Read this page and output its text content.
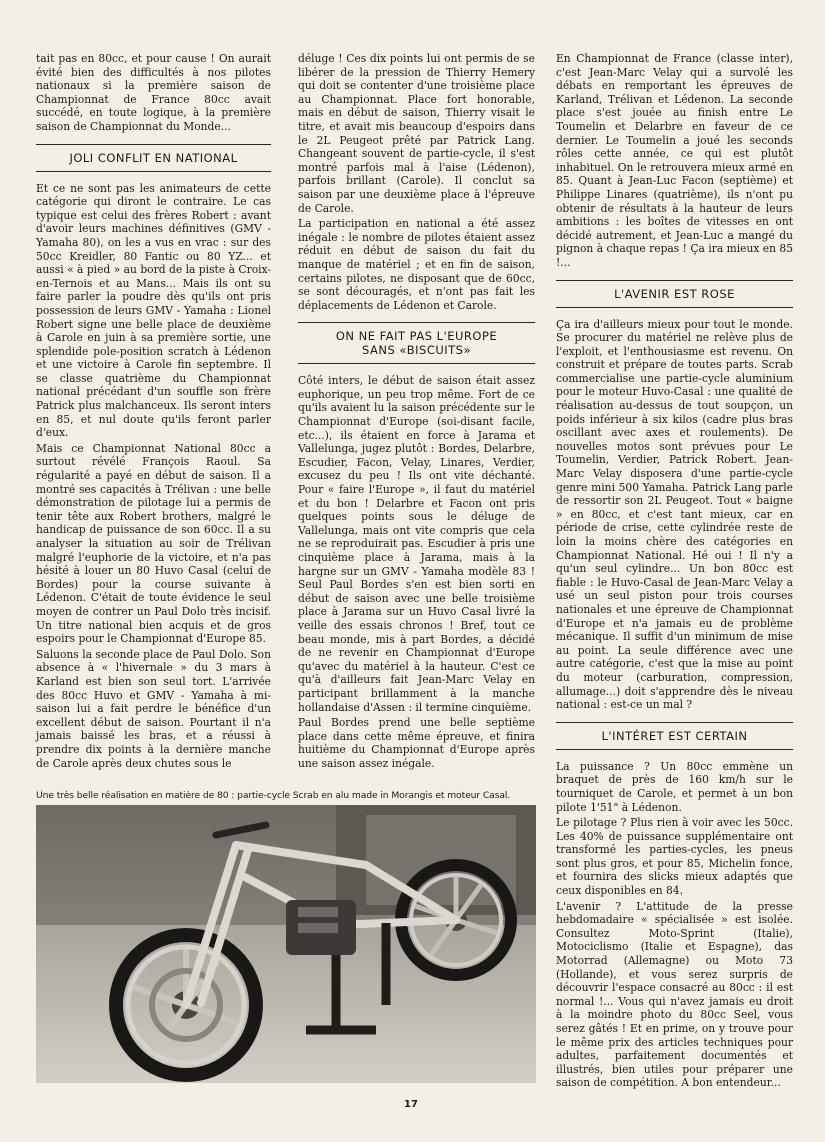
tait pas en 80cc, et pour cause ! On aurait évité bien des difficultés à nos pilotes nationaux si la première saison de Championnat de France 80cc avait succédé, en toute logique, à la première saison de Championnat du Monde...

JOLI CONFLIT EN NATIONAL

Et ce ne sont pas les animateurs de cette catégorie qui diront le contraire. Le cas typique est celui des frères Robert : avant d'avoir leurs machines définitives (GMV - Yamaha 80), on les a vus en vrac : sur des 50cc Kreidler, 80 Fantic ou 80 YZ... et aussi « à pied » au bord de la piste à Croix-en-Ternois et au Mans... Mais ils ont su faire parler la poudre dès qu'ils ont pris possession de leurs GMV - Yamaha : Lionel Robert signe une belle place de deuxième à Carole en juin à sa première sortie, une splendide pole-position scratch à Lédenon et une victoire à Carole fin septembre. Il se classe quatrième du Championnat national précédant d'un souffle son frère Patrick plus malchanceux. Ils seront inters en 85, et nul doute qu'ils feront parler d'eux.

Mais ce Championnat National 80cc a surtout révélé François Raoul. Sa régularité a payé en début de saison. Il a montré ses capacités à Trélivan : une belle démonstration de pilotage lui a permis de tenir tête aux Robert brothers, malgré le handicap de puissance de son 60cc. Il a su analyser la situation au soir de Trélivan malgré l'euphorie de la victoire, et n'a pas hésité à louer un 80 Huvo Casal (celui de Bordes) pour la course suivante à Lédenon. C'était de toute évidence le seul moyen de contrer un Paul Dolo très incisif. Un titre national bien acquis et de gros espoirs pour le Championnat d'Europe 85.

Saluons la seconde place de Paul Dolo. Son absence à « l'hivernale » du 3 mars à Karland est bien son seul tort. L'arrivée des 80cc Huvo et GMV - Yamaha à mi-saison lui a fait perdre le bénéfice d'un excellent début de saison. Pourtant il n'a jamais baissé les bras, et a réussi à prendre dix points à la dernière manche de Carole après deux chutes sous le

déluge ! Ces dix points lui ont permis de se libérer de la pression de Thierry Hemery qui doit se contenter d'une troisième place au Championnat. Place fort honorable, mais en début de saison, Thierry visait le titre, et avait mis beaucoup d'espoirs dans le 2L Peugeot prêté par Patrick Lang. Changeant souvent de partie-cycle, il s'est montré parfois mal à l'aise (Lédenon), parfois brillant (Carole). Il conclut sa saison par une deuxième place à l'épreuve de Carole.

La participation en national a été assez inégale : le nombre de pilotes étaient assez réduit en début de saison du fait du manque de matériel ; et en fin de saison, certains pilotes, ne disposant que de 60cc, se sont découragés, et n'ont pas fait les déplacements de Lédenon et Carole.

ON NE FAIT PAS L'EUROPE
SANS «BISCUITS»

Côté inters, le début de saison était assez euphorique, un peu trop même. Fort de ce qu'ils avaient lu la saison précédente sur le Championnat d'Europe (soi-disant facile, etc...), ils étaient en force à Jarama et Vallelunga, jugez plutôt : Bordes, Delarbre, Escudier, Facon, Velay, Linares, Verdier, excusez du peu ! Ils ont vite déchanté. Pour « faire l'Europe », il faut du matériel et du bon ! Delarbre et Facon ont pris quelques points sous le déluge de Vallelunga, mais ont vite compris que cela ne se reproduirait pas. Escudier à pris une cinquième place à Jarama, mais à la hargne sur un GMV - Yamaha modèle 83 ! Seul Paul Bordes s'en est bien sorti en début de saison avec une belle troisième place à Jarama sur un Huvo Casal livré la veille des essais chronos ! Bref, tout ce beau monde, mis à part Bordes, a décidé de ne revenir en Championnat d'Europe qu'avec du matériel à la hauteur. C'est ce qu'à d'ailleurs fait Jean-Marc Velay en participant brillamment à la manche hollandaise d'Assen : il termine cinquième.

Paul Bordes prend une belle septième place dans cette même épreuve, et finira huitième du Championnat d'Europe après une saison assez inégale.

En Championnat de France (classe inter), c'est Jean-Marc Velay qui a survolé les débats en remportant les épreuves de Karland, Trélivan et Lédenon. La seconde place s'est jouée au finish entre Le Toumelin et Delarbre en faveur de ce dernier. Le Toumelin a joué les seconds rôles cette année, ce qui est plutôt inhabituel. On le retrouvera mieux armé en 85. Quant à Jean-Luc Facon (septième) et Philippe Linares (quatrième), ils n'ont pu obtenir de résultats à la hauteur de leurs ambitions : les boîtes de vitesses en ont décidé autrement, et Jean-Luc a mangé du pignon à chaque repas ! Ça ira mieux en 85 !...

L'AVENIR EST ROSE

Ça ira d'ailleurs mieux pour tout le monde. Se procurer du matériel ne relève plus de l'exploit, et l'enthousiasme est revenu. On construit et prépare de toutes parts. Scrab commercialise une partie-cycle aluminium pour le moteur Huvo-Casal : une qualité de réalisation au-dessus de tout soupçon, un poids inférieur à six kilos (cadre plus bras oscillant avec axes et roulements). De nouvelles motos sont prévues pour Le Toumelin, Verdier, Patrick Robert. Jean-Marc Velay disposera d'une partie-cycle genre mini 500 Yamaha. Patrick Lang parle de ressortir son 2L Peugeot. Tout « baigne » en 80cc, et c'est tant mieux, car en période de crise, cette cylindrée reste de loin la moins chère des catégories en Championnat National. Hé oui ! Il n'y a qu'un seul cylindre... Un bon 80cc est fiable : le Huvo-Casal de Jean-Marc Velay a usé un seul piston pour trois courses nationales et une épreuve de Championnat d'Europe et n'a jamais eu de problème mécanique. Il suffit d'un minimum de mise au point. La seule différence avec une autre catégorie, c'est que la mise au point du moteur (carburation, compression, allumage...) doit s'apprendre dès le niveau national : est-ce un mal ?

L'INTÉRET EST CERTAIN

La puissance ? Un 80cc emmène un braquet de près de 160 km/h sur le tourniquet de Carole, et permet à un bon pilote 1'51" à Lédenon.

Le pilotage ? Plus rien à voir avec les 50cc. Les 40% de puissance supplémentaire ont transformé les parties-cycles, les pneus sont plus gros, et pour 85, Michelin fonce, et fournira des slicks mieux adaptés que ceux disponibles en 84.

L'avenir ? L'attitude de la presse hebdomadaire « spécialisée » est isolée. Consultez Moto-Sprint (Italie), Motociclismo (Italie et Espagne), das Motorrad (Allemagne) ou Moto 73 (Hollande), et vous serez surpris de découvrir l'espace consacré au 80cc : il est normal !... Vous qui n'avez jamais eu droit à la moindre photo du 80cc Seel, vous serez gâtés ! Et en prime, on y trouve pour le même prix des articles techniques pour adultes, parfaitement documentés et illustrés, bien utiles pour préparer une saison de compétition. A bon entendeur...

Une très belle réalisation en matière de 80 : partie-cycle Scrab en alu made in Morangis et moteur Casal.
17
